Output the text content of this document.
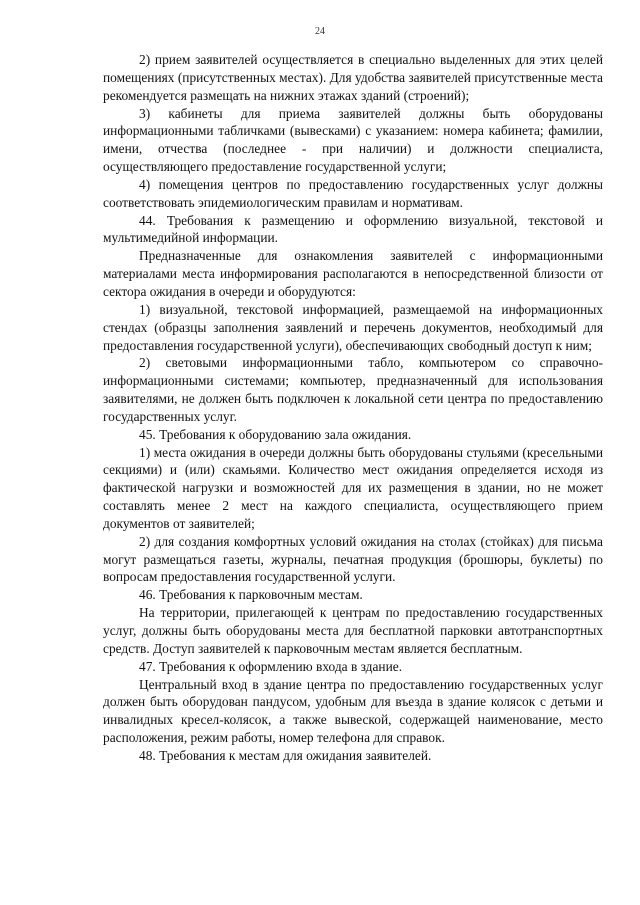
24

2) прием заявителей осуществляется в специально выделенных для этих целей помещениях (присутственных местах). Для удобства заявителей присутственные места рекомендуется размещать на нижних этажах зданий (строений);

3) кабинеты для приема заявителей должны быть оборудованы информационными табличками (вывесками) с указанием: номера кабинета; фамилии, имени, отчества (последнее - при наличии) и должности специалиста, осуществляющего предоставление государственной услуги;

4) помещения центров по предоставлению государственных услуг должны соответствовать эпидемиологическим правилам и нормативам.

44. Требования к размещению и оформлению визуальной, текстовой и мультимедийной информации.

Предназначенные для ознакомления заявителей с информационными материалами места информирования располагаются в непосредственной близости от сектора ожидания в очереди и оборудуются:

1) визуальной, текстовой информацией, размещаемой на информационных стендах (образцы заполнения заявлений и перечень документов, необходимый для предоставления государственной услуги), обеспечивающих свободный доступ к ним;

2) световыми информационными табло, компьютером со справочно-информационными системами; компьютер, предназначенный для использования заявителями, не должен быть подключен к локальной сети центра по предоставлению государственных услуг.

45. Требования к оборудованию зала ожидания.

1) места ожидания в очереди должны быть оборудованы стульями (кресельными секциями) и (или) скамьями. Количество мест ожидания определяется исходя из фактической нагрузки и возможностей для их размещения в здании, но не может составлять менее 2 мест на каждого специалиста, осуществляющего прием документов от заявителей;

2) для создания комфортных условий ожидания на столах (стойках) для письма могут размещаться газеты, журналы, печатная продукция (брошюры, буклеты) по вопросам предоставления государственной услуги.

46. Требования к парковочным местам.

На территории, прилегающей к центрам по предоставлению государственных услуг, должны быть оборудованы места для бесплатной парковки автотранспортных средств. Доступ заявителей к парковочным местам является бесплатным.

47. Требования к оформлению входа в здание.

Центральный вход в здание центра по предоставлению государственных услуг должен быть оборудован пандусом, удобным для въезда в здание колясок с детьми и инвалидных кресел-колясок, а также вывеской, содержащей наименование, место расположения, режим работы, номер телефона для справок.

48. Требования к местам для ожидания заявителей.
